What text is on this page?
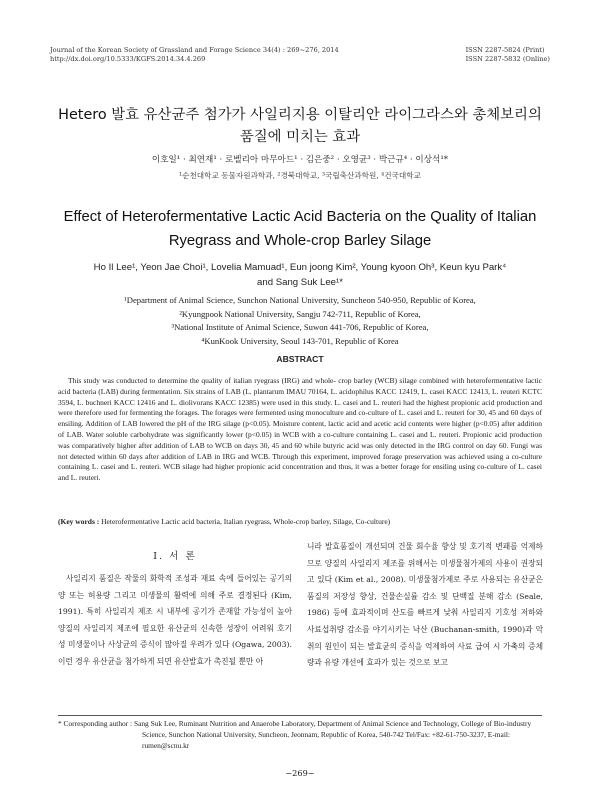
Journal of the Korean Society of Grassland and Forage Science 34(4) : 269~276, 2014
http://dx.doi.org/10.5333/KGFS.2014.34.4.269
ISSN 2287-5824 (Print)
ISSN 2287-5832 (Online)
Hetero 발효 유산균주 첨가가 사일리지용 이탈리안 라이그라스와 총체보리의
품질에 미치는 효과
이호일¹ · 최연재¹ · 로벨리아 마무아드¹ · 김은중² · 오영균³ · 박근규⁴ · 이상석¹*
¹순천대학교 동물자원과학과, ²경북대학교, ³국립축산과학원, ⁴건국대학교
Effect of Heterofermentative Lactic Acid Bacteria on the Quality of Italian
Ryegrass and Whole-crop Barley Silage
Ho Il Lee¹, Yeon Jae Choi¹, Lovelia Mamuad¹, Eun joong Kim², Young kyoon Oh³, Keun kyu Park⁴
and Sang Suk Lee¹*
¹Department of Animal Science, Sunchon National University, Suncheon 540-950, Republic of Korea,
²Kyungpook National University, Sangju 742-711, Republic of Korea,
³National Institute of Animal Science, Suwon 441-706, Republic of Korea,
⁴KunKook University, Seoul 143-701, Republic of Korea
ABSTRACT
This study was conducted to determine the quality of italian ryegrass (IRG) and whole- crop barley (WCB) silage combined with heterofermentative lactic acid bacteria (LAB) during fermentation. Six strains of LAB (L. plantarum IMAU 70164, L. acidophilus KACC 12419, L. casei KACC 12413, L. reuteri KCTC 3594, L. buchneri KACC 12416 and L. diolivorans KACC 12385) were used in this study. L. casei and L. reuteri had the highest propionic acid production and were therefore used for fermenting the forages. The forages were fermented using monoculture and co-culture of L. casei and L. reuteri for 30, 45 and 60 days of ensiling. Addition of LAB lowered the pH of the IRG silage (p<0.05). Moisture content, lactic acid and acetic acid contents were higher (p<0.05) after addition of LAB. Water soluble carbohydrate was significantly lower (p<0.05) in WCB with a co-culture containing L. casei and L. reuteri. Propionic acid production was comparatively higher after addition of LAB to WCB on days 30, 45 and 60 while butyric acid was only detected in the IRG control on day 60. Fungi was not detected within 60 days after addition of LAB in IRG and WCB. Through this experiment, improved forage preservation was achieved using a co-culture containing L. casei and L. reuteri. WCB silage had higher propionic acid concentration and thus, it was a better forage for ensiling using co-culture of L. casei and L. reuteri.
(Key words : Heterofermentative Lactic acid bacteria, Italian ryegrass, Whole-crop barley, Silage, Co-culture)
Ⅰ. 서 론
사일리지 품질은 작물의 화학적 조성과 재료 속에 들어있는 공기의 양 또는 허용량 그리고 미생물의 활력에 의해 주로 결정된다 (Kim, 1991). 특히 사일리지 제조 시 내부에 공기가 존재할 가능성이 높아 양질의 사일리지 제조에 필요한 유산균의 신속한 성장이 어려워 호기성 미생물이나 사상균의 증식이 많아질 우려가 있다 (Ogawa, 2003). 이런 경우 유산균을 첨가하게 되면 유산발효가 촉진될 뿐만 아
니라 발효품질이 개선되며 건물 회수율 향상 및 호기적 변패를 억제하므로 양질의 사일리지 제조를 위해서는 미생물첨가제의 사용이 권장되고 있다 (Kim et al., 2008). 미생물첨가제로 주로 사용되는 유산균은 품질의 저장성 향상, 건물손실률 감소 및 단백질 분해 감소 (Seale, 1986) 등에 효과적이며 산도를 빠르게 낮춰 사일리지 기호성 저하와 사료섭취량 감소를 야기시키는 낙산 (Buchanan-smith, 1990)과 악취의 원인이 되는 발효균의 증식을 억제하여 사료 급여 시 가축의 증체량과 유량 개선에 효과가 있는 것으로 보고
* Corresponding author : Sang Suk Lee, Ruminant Nutrition and Anaerobe Laboratory, Department of Animal Science and Technology, College of Bio-industry Science, Sunchon National University, Suncheon, Jeonnam, Republic of Korea, 540-742 Tel/Fax: +82-61-750-3237, E-mail: rumen@scnu.kr
−269−
